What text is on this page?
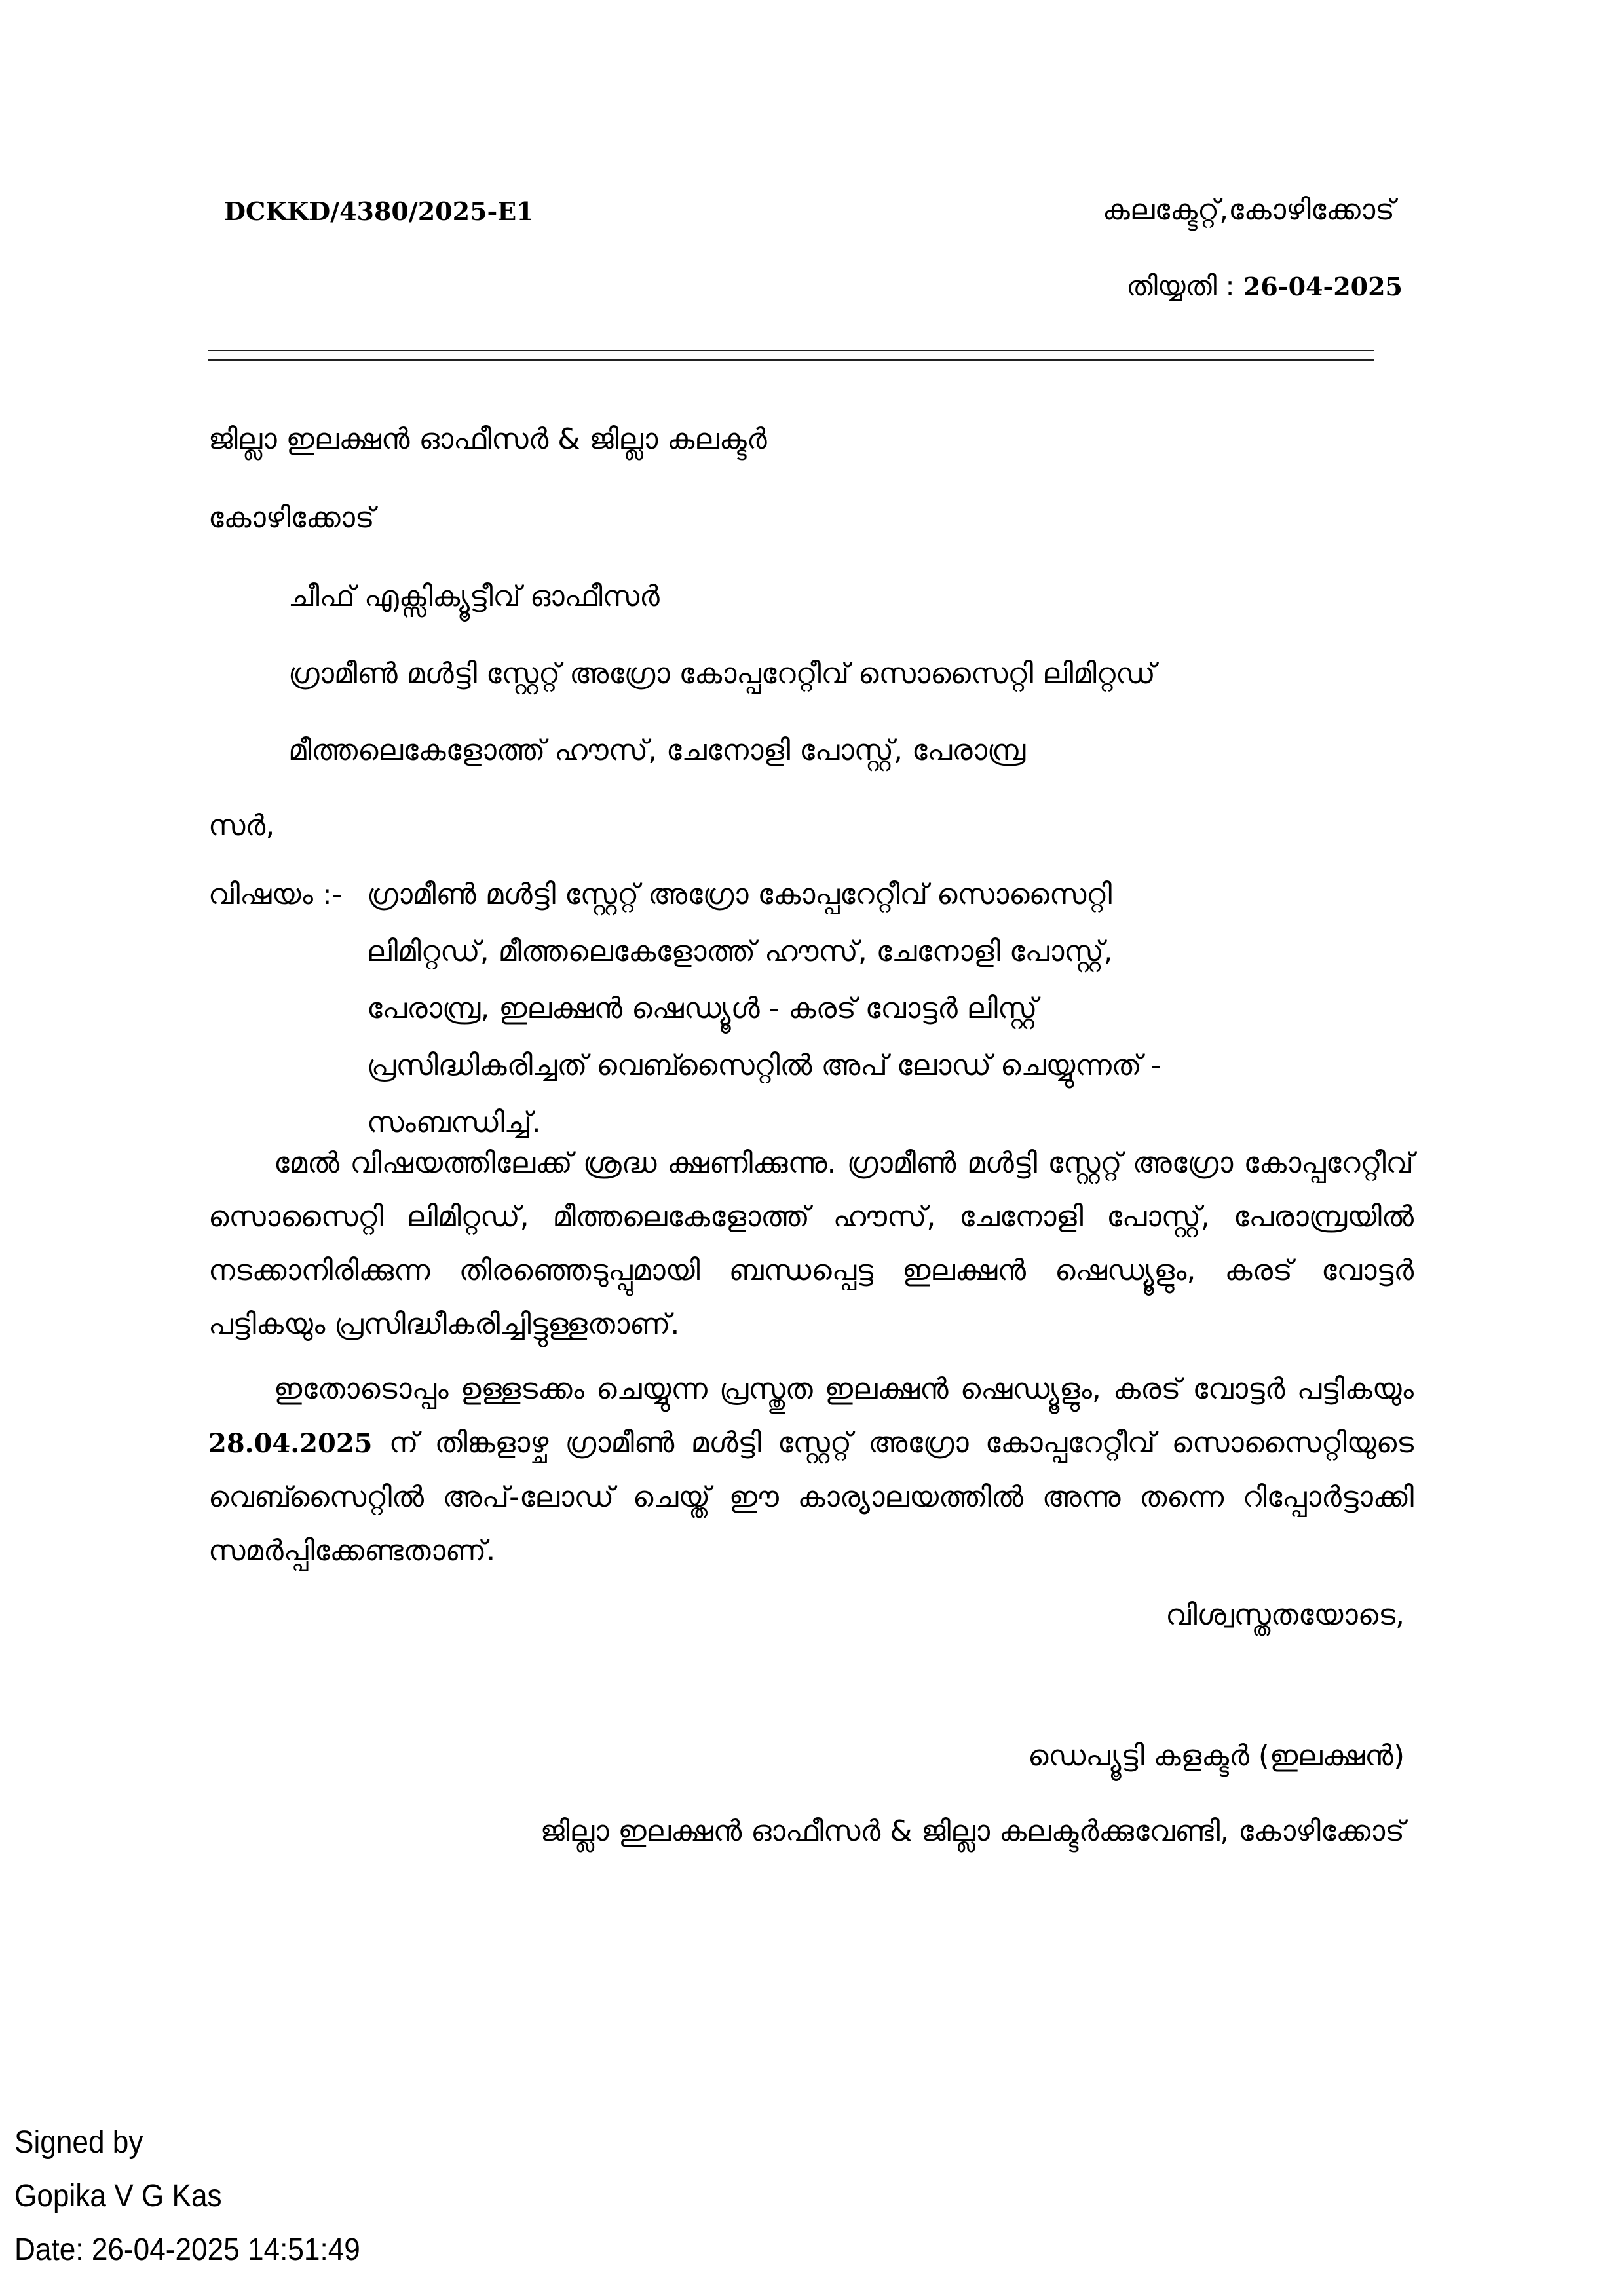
DCKKD/4380/2025-E1	കലക്ടേറ്റ്,കോഴിക്കോട്
തിയ്യതി : 26-04-2025
ജില്ലാ ഇലക്ഷൻ ഓഫീസർ & ജില്ലാ കലക്ടർ
കോഴിക്കോട്
ചീഫ് എക്സിക്യൂട്ടീവ് ഓഫീസർ
ഗ്രാമീൺ മൾട്ടി സ്റ്റേറ്റ് അഗ്രോ കോപ്പറേറ്റീവ് സൊസൈറ്റി ലിമിറ്റഡ്
മീത്തലെകേളോത്ത് ഹൗസ്, ചേനോളി പോസ്റ്റ്, പേരാമ്പ്ര
സർ,
വിഷയം :- ഗ്രാമീൺ മൾട്ടി സ്റ്റേറ്റ് അഗ്രോ കോപ്പറേറ്റീവ് സൊസൈറ്റി
ലിമിറ്റഡ്, മീത്തലെകേളോത്ത് ഹൗസ്, ചേനോളി പോസ്റ്റ്,
പേരാമ്പ്ര, ഇലക്ഷൻ ഷെഡ്യൂൾ - കരട് വോട്ടർ ലിസ്റ്റ്
പ്രസിദ്ധികരിച്ചത് വെബ്സൈറ്റിൽ അപ് ലോഡ് ചെയ്യുന്നത് -
സംബന്ധിച്ച്.
മേൽ വിഷയത്തിലേക്ക് ശ്രദ്ധ ക്ഷണിക്കുന്നു. ഗ്രാമീൺ മൾട്ടി സ്റ്റേറ്റ് അഗ്രോ കോപ്പറേറ്റീവ് സൊസൈറ്റി ലിമിറ്റഡ്, മീത്തലെകേളോത്ത് ഹൗസ്, ചേനോളി പോസ്റ്റ്, പേരാമ്പ്രയിൽ നടക്കാനിരിക്കുന്ന തിരഞ്ഞെടുപ്പുമായി ബന്ധപ്പെട്ട ഇലക്ഷൻ ഷെഡ്യൂളും, കരട് വോട്ടർ പട്ടികയും പ്രസിദ്ധീകരിച്ചിട്ടുള്ളതാണ്.
ഇതോടൊപ്പം ഉള്ളടക്കം ചെയ്യുന്ന പ്രസ്തുത ഇലക്ഷൻ ഷെഡ്യൂളും, കരട് വോട്ടർ പട്ടികയും 28.04.2025 ന് തിങ്കളാഴ്ച ഗ്രാമീൺ മൾട്ടി സ്റ്റേറ്റ് അഗ്രോ കോപ്പറേറ്റീവ് സൊസൈറ്റിയുടെ വെബ്സൈറ്റിൽ അപ്-ലോഡ് ചെയ്ത് ഈ കാര്യാലയത്തിൽ അന്നു തന്നെ റിപ്പോർട്ടാക്കി സമർപ്പിക്കേണ്ടതാണ്.
വിശ്വസ്തതയോടെ,
ഡെപ്യൂട്ടി കളക്ടർ (ഇലക്ഷൻ)
ജില്ലാ ഇലക്ഷൻ ഓഫീസർ & ജില്ലാ കലക്ടർക്കുവേണ്ടി, കോഴിക്കോട്
Signed by
Gopika V G Kas
Date: 26-04-2025 14:51:49
